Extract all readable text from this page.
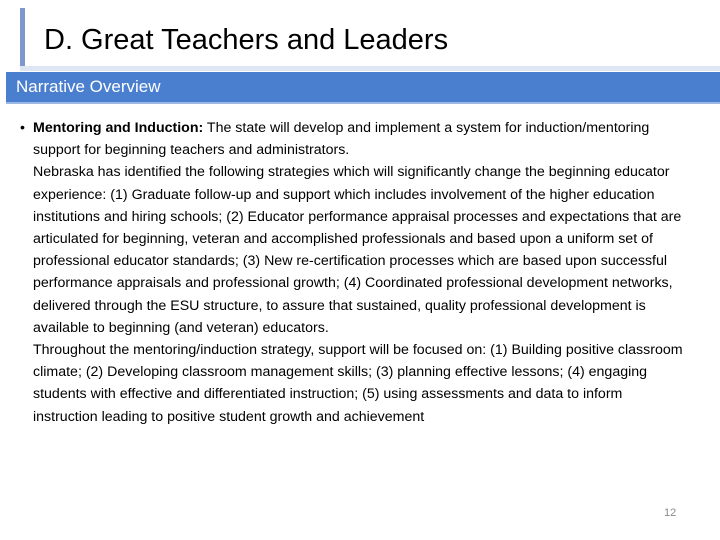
D. Great Teachers and Leaders
Narrative Overview

• Mentoring and Induction: The state will develop and implement a system for induction/mentoring support for beginning teachers and administrators.

Nebraska has identified the following strategies which will significantly change the beginning educator experience: (1) Graduate follow-up and support which includes involvement of the higher education institutions and hiring schools; (2) Educator performance appraisal processes and expectations that are articulated for beginning, veteran and accomplished professionals and based upon a uniform set of professional educator standards; (3) New re-certification processes which are based upon successful performance appraisals and professional growth; (4) Coordinated professional development networks, delivered through the ESU structure, to assure that sustained, quality professional development is available to beginning (and veteran) educators.

Throughout the mentoring/induction strategy, support will be focused on: (1) Building positive classroom climate; (2) Developing classroom management skills; (3) planning effective lessons; (4) engaging students with effective and differentiated instruction; (5) using assessments and data to inform instruction leading to positive student growth and achievement

12
